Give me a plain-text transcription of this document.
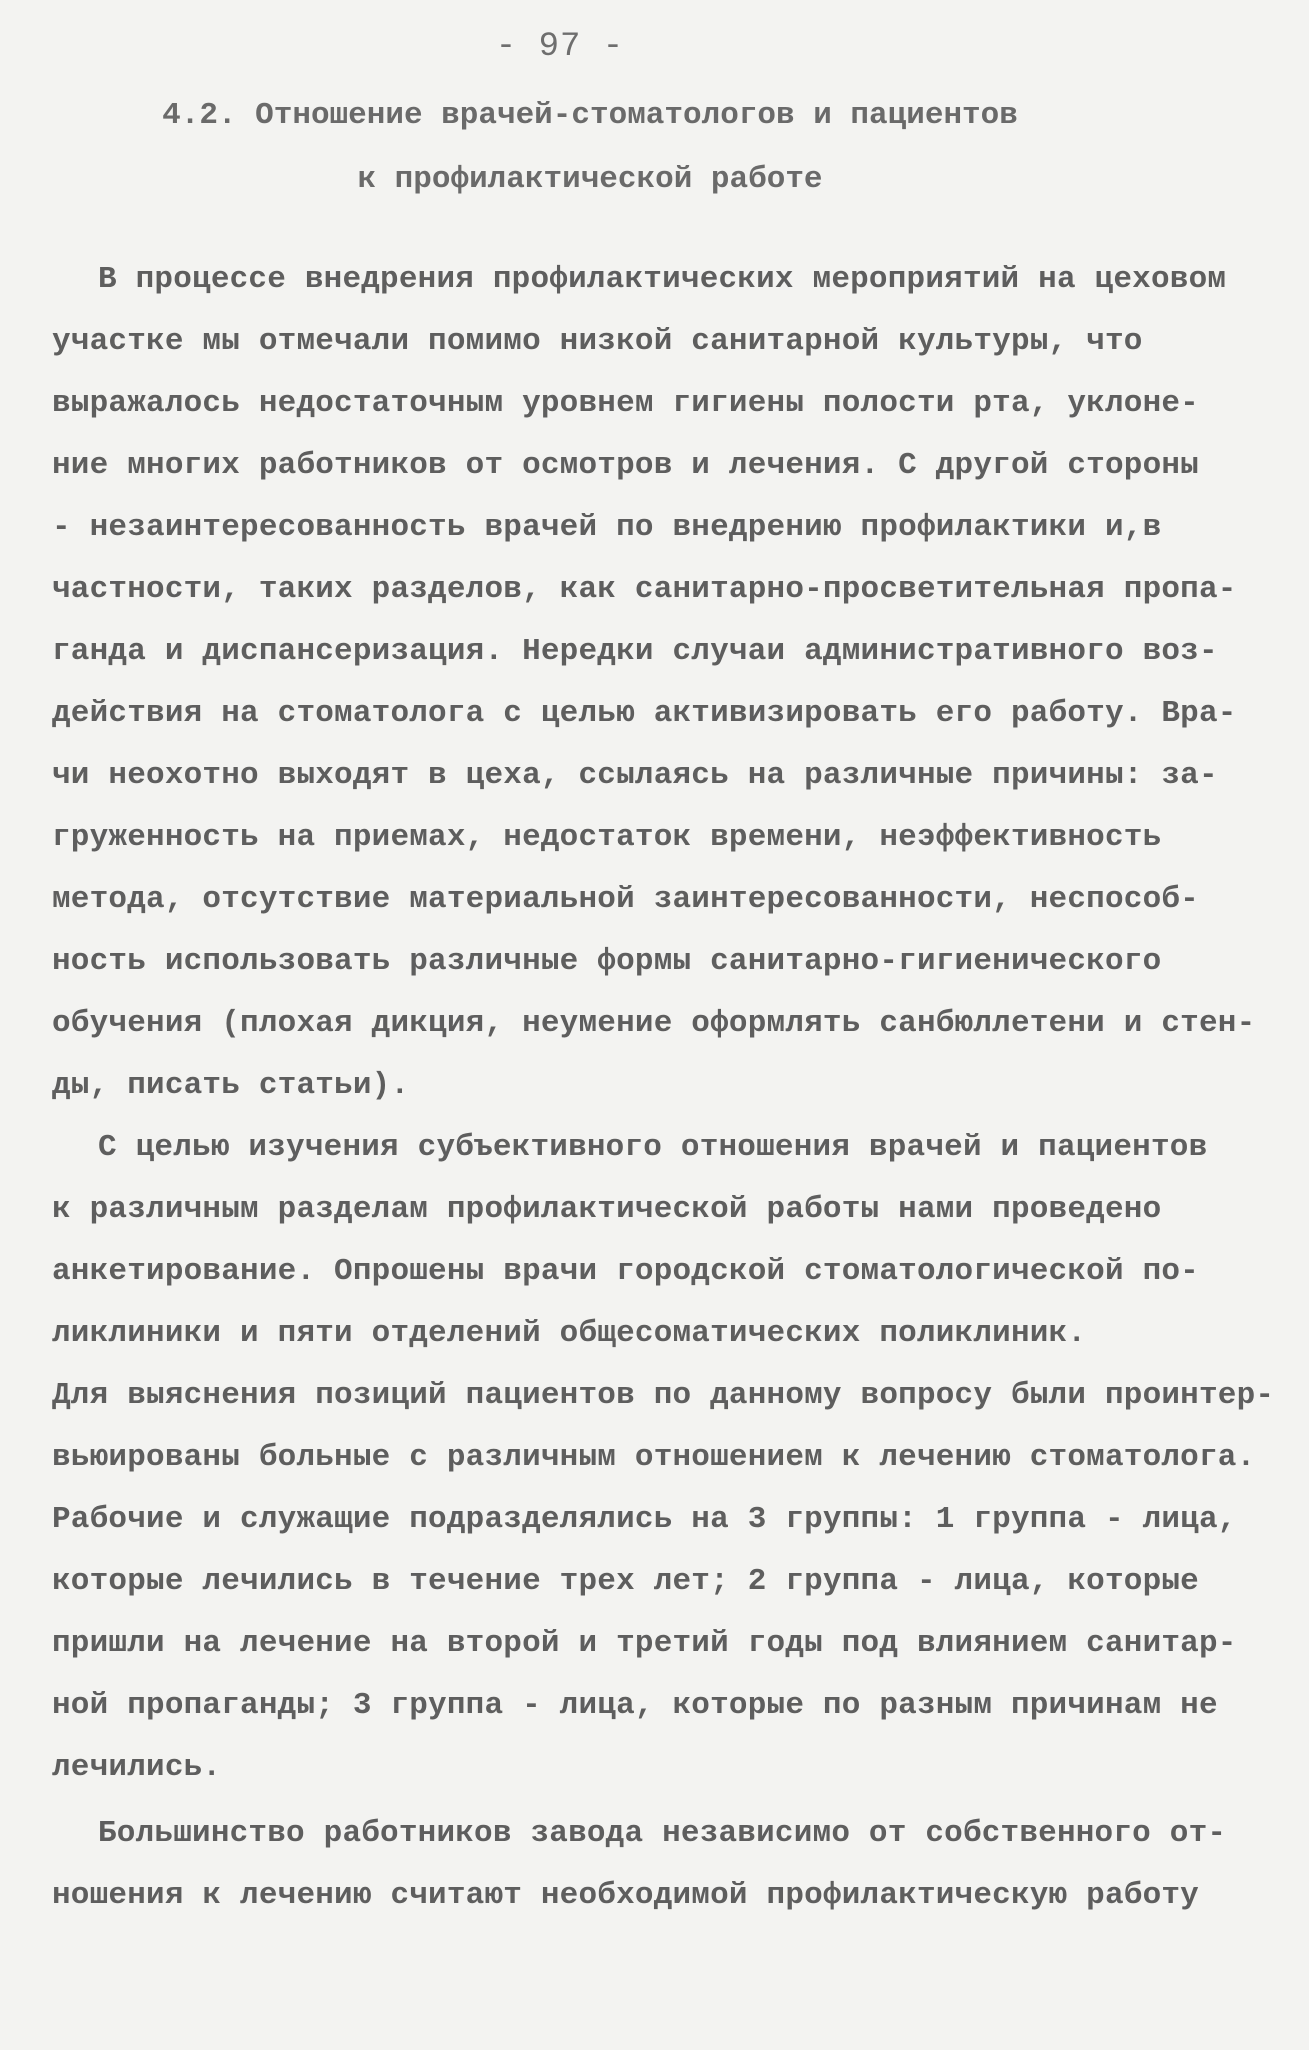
- 97 -
4.2. Отношение врачей-стоматологов и пациентов
к профилактической работе
В процессе внедрения профилактических мероприятий на цеховом
участке мы отмечали помимо низкой санитарной культуры, что
выражалось недостаточным уровнем гигиены полости рта, уклоне-
ние многих работников от осмотров и лечения. С другой стороны
- незаинтересованность врачей по внедрению профилактики и,в
частности, таких разделов, как санитарно-просветительная пропа-
ганда и диспансеризация. Нередки случаи административного воз-
действия на стоматолога с целью активизировать его работу. Вра-
чи неохотно выходят в цеха, ссылаясь на различные причины: за-
груженность на приемах, недостаток времени, неэффективность
метода, отсутствие материальной заинтересованности, неспособ-
ность использовать различные формы санитарно-гигиенического
обучения (плохая дикция, неумение оформлять санбюллетени и стен-
ды, писать статьи).
С целью изучения субъективного отношения врачей и пациентов
к различным разделам профилактической работы нами проведено
анкетирование. Опрошены врачи городской стоматологической по-
ликлиники и пяти отделений общесоматических поликлиник.
Для выяснения позиций пациентов по данному вопросу были проинтер-
вьюированы больные с различным отношением к лечению стоматолога.
Рабочие и служащие подразделялись на 3 группы: 1 группа - лица,
которые лечились в течение трех лет; 2 группа - лица, которые
пришли на лечение на второй и третий годы под влиянием санитар-
ной пропаганды; 3 группа - лица, которые по разным причинам не
лечились.
Большинство работников завода независимо от собственного от-
ношения к лечению считают необходимой профилактическую работу
